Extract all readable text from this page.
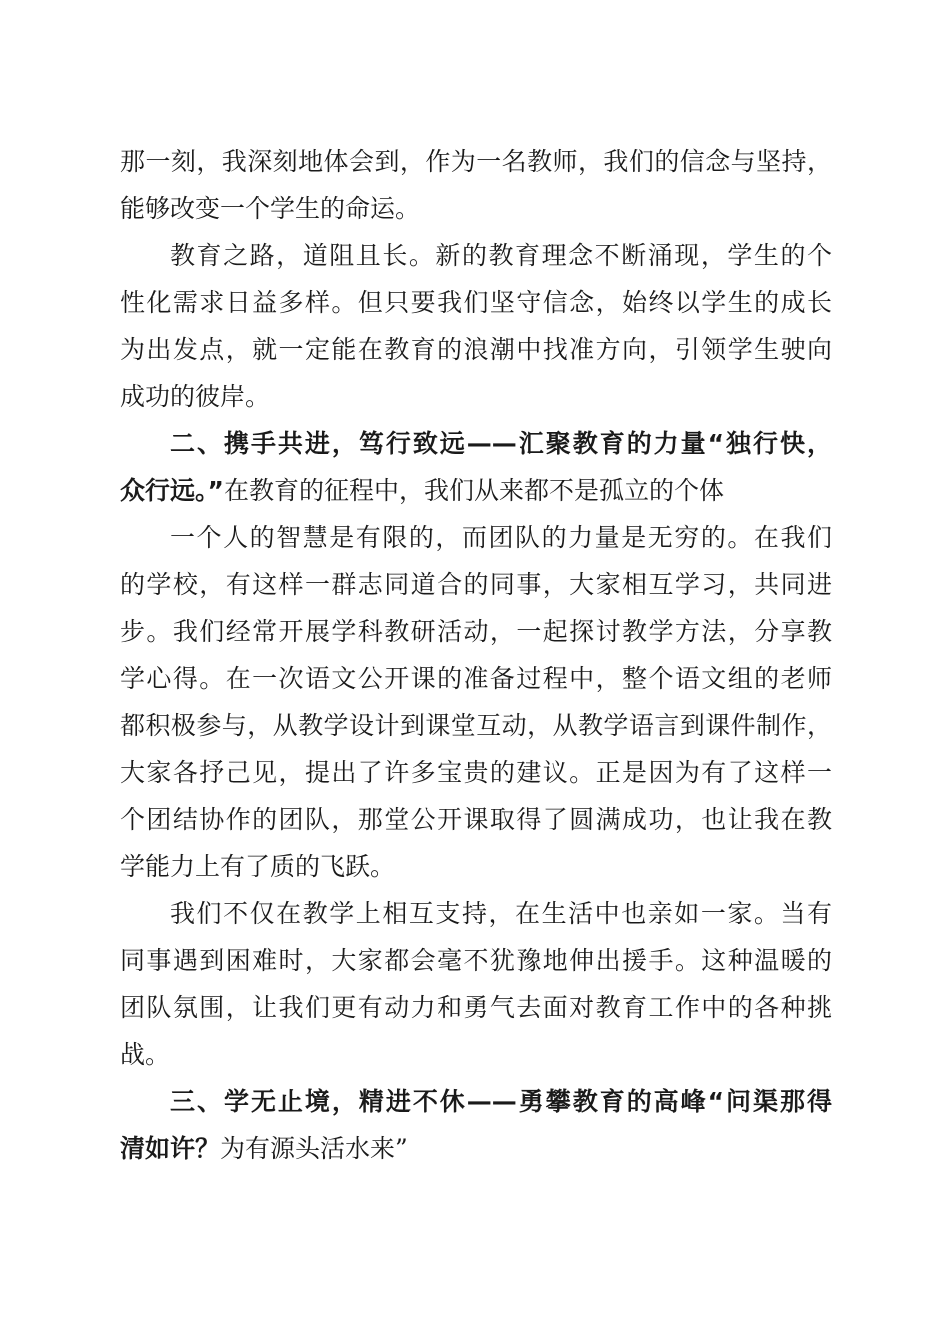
那一刻，我深刻地体会到，作为一名教师，我们的信念与坚持，
能够改变一个学生的命运。
教育之路，道阻且长。新的教育理念不断涌现，学生的个
性化需求日益多样。但只要我们坚守信念，始终以学生的成长
为出发点，就一定能在教育的浪潮中找准方向，引领学生驶向
成功的彼岸。
二、携手共进，笃行致远——汇聚教育的力量“独行快，
众行远。”在教育的征程中，我们从来都不是孤立的个体
一个人的智慧是有限的，而团队的力量是无穷的。在我们
的学校，有这样一群志同道合的同事，大家相互学习，共同进
步。我们经常开展学科教研活动，一起探讨教学方法，分享教
学心得。在一次语文公开课的准备过程中，整个语文组的老师
都积极参与，从教学设计到课堂互动，从教学语言到课件制作，
大家各抒己见，提出了许多宝贵的建议。正是因为有了这样一
个团结协作的团队，那堂公开课取得了圆满成功，也让我在教
学能力上有了质的飞跃。
我们不仅在教学上相互支持，在生活中也亲如一家。当有
同事遇到困难时，大家都会毫不犹豫地伸出援手。这种温暖的
团队氛围，让我们更有动力和勇气去面对教育工作中的各种挑
战。
三、学无止境，精进不休——勇攀教育的高峰“问渠那得
清如许？为有源头活水来”
